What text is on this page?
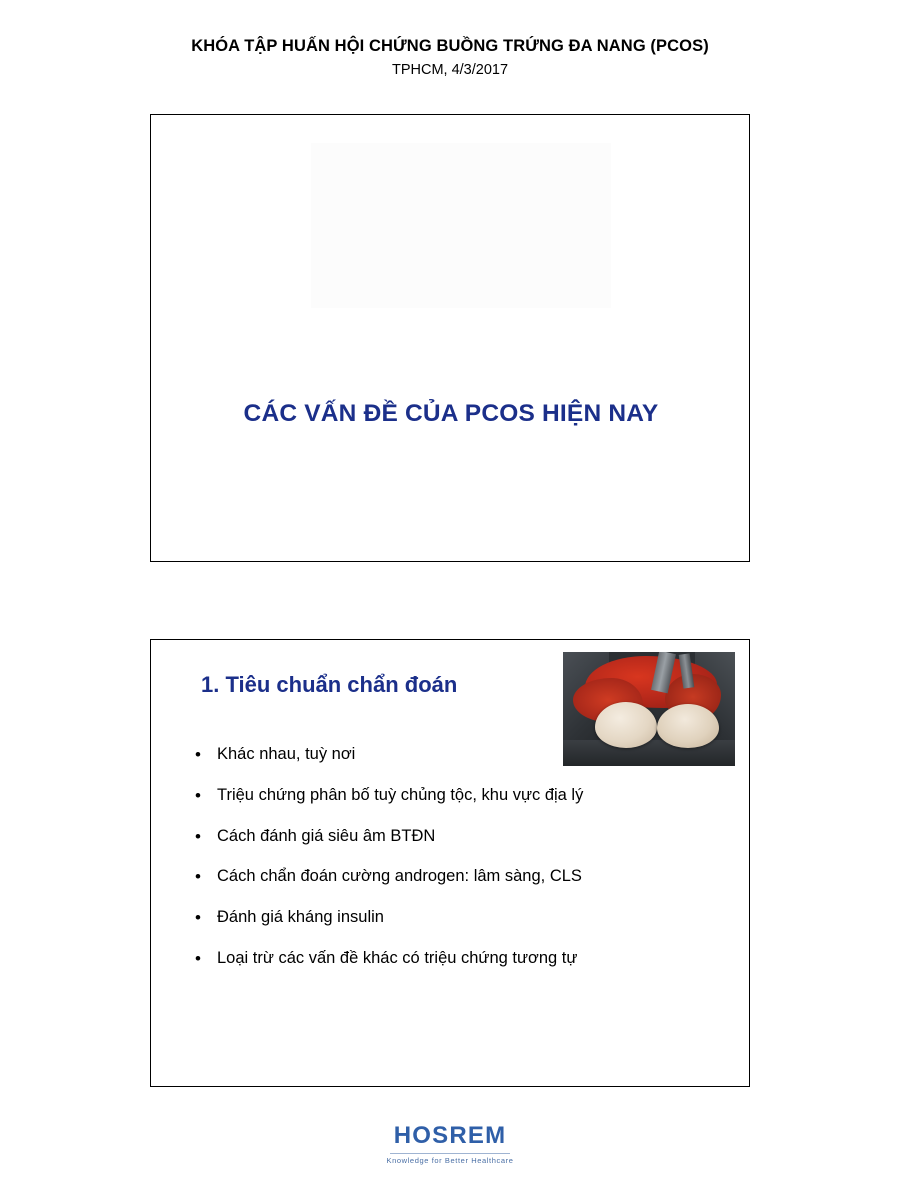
KHÓA TẬP HUẤN HỘI CHỨNG BUỒNG TRỨNG ĐA NANG (PCOS)
TPHCM, 4/3/2017
CÁC VẤN ĐỀ CỦA PCOS HIỆN NAY
1. Tiêu chuẩn chẩn đoán
• Khác nhau, tuỳ nơi
• Triệu chứng phân bố tuỳ chủng tộc, khu vực địa lý
• Cách đánh giá siêu âm BTĐN
• Cách chẩn đoán cường androgen: lâm sàng, CLS
• Đánh giá kháng insulin
• Loại trừ các vấn đề khác có triệu chứng tương tự
HOSREM
Knowledge for Better Healthcare
